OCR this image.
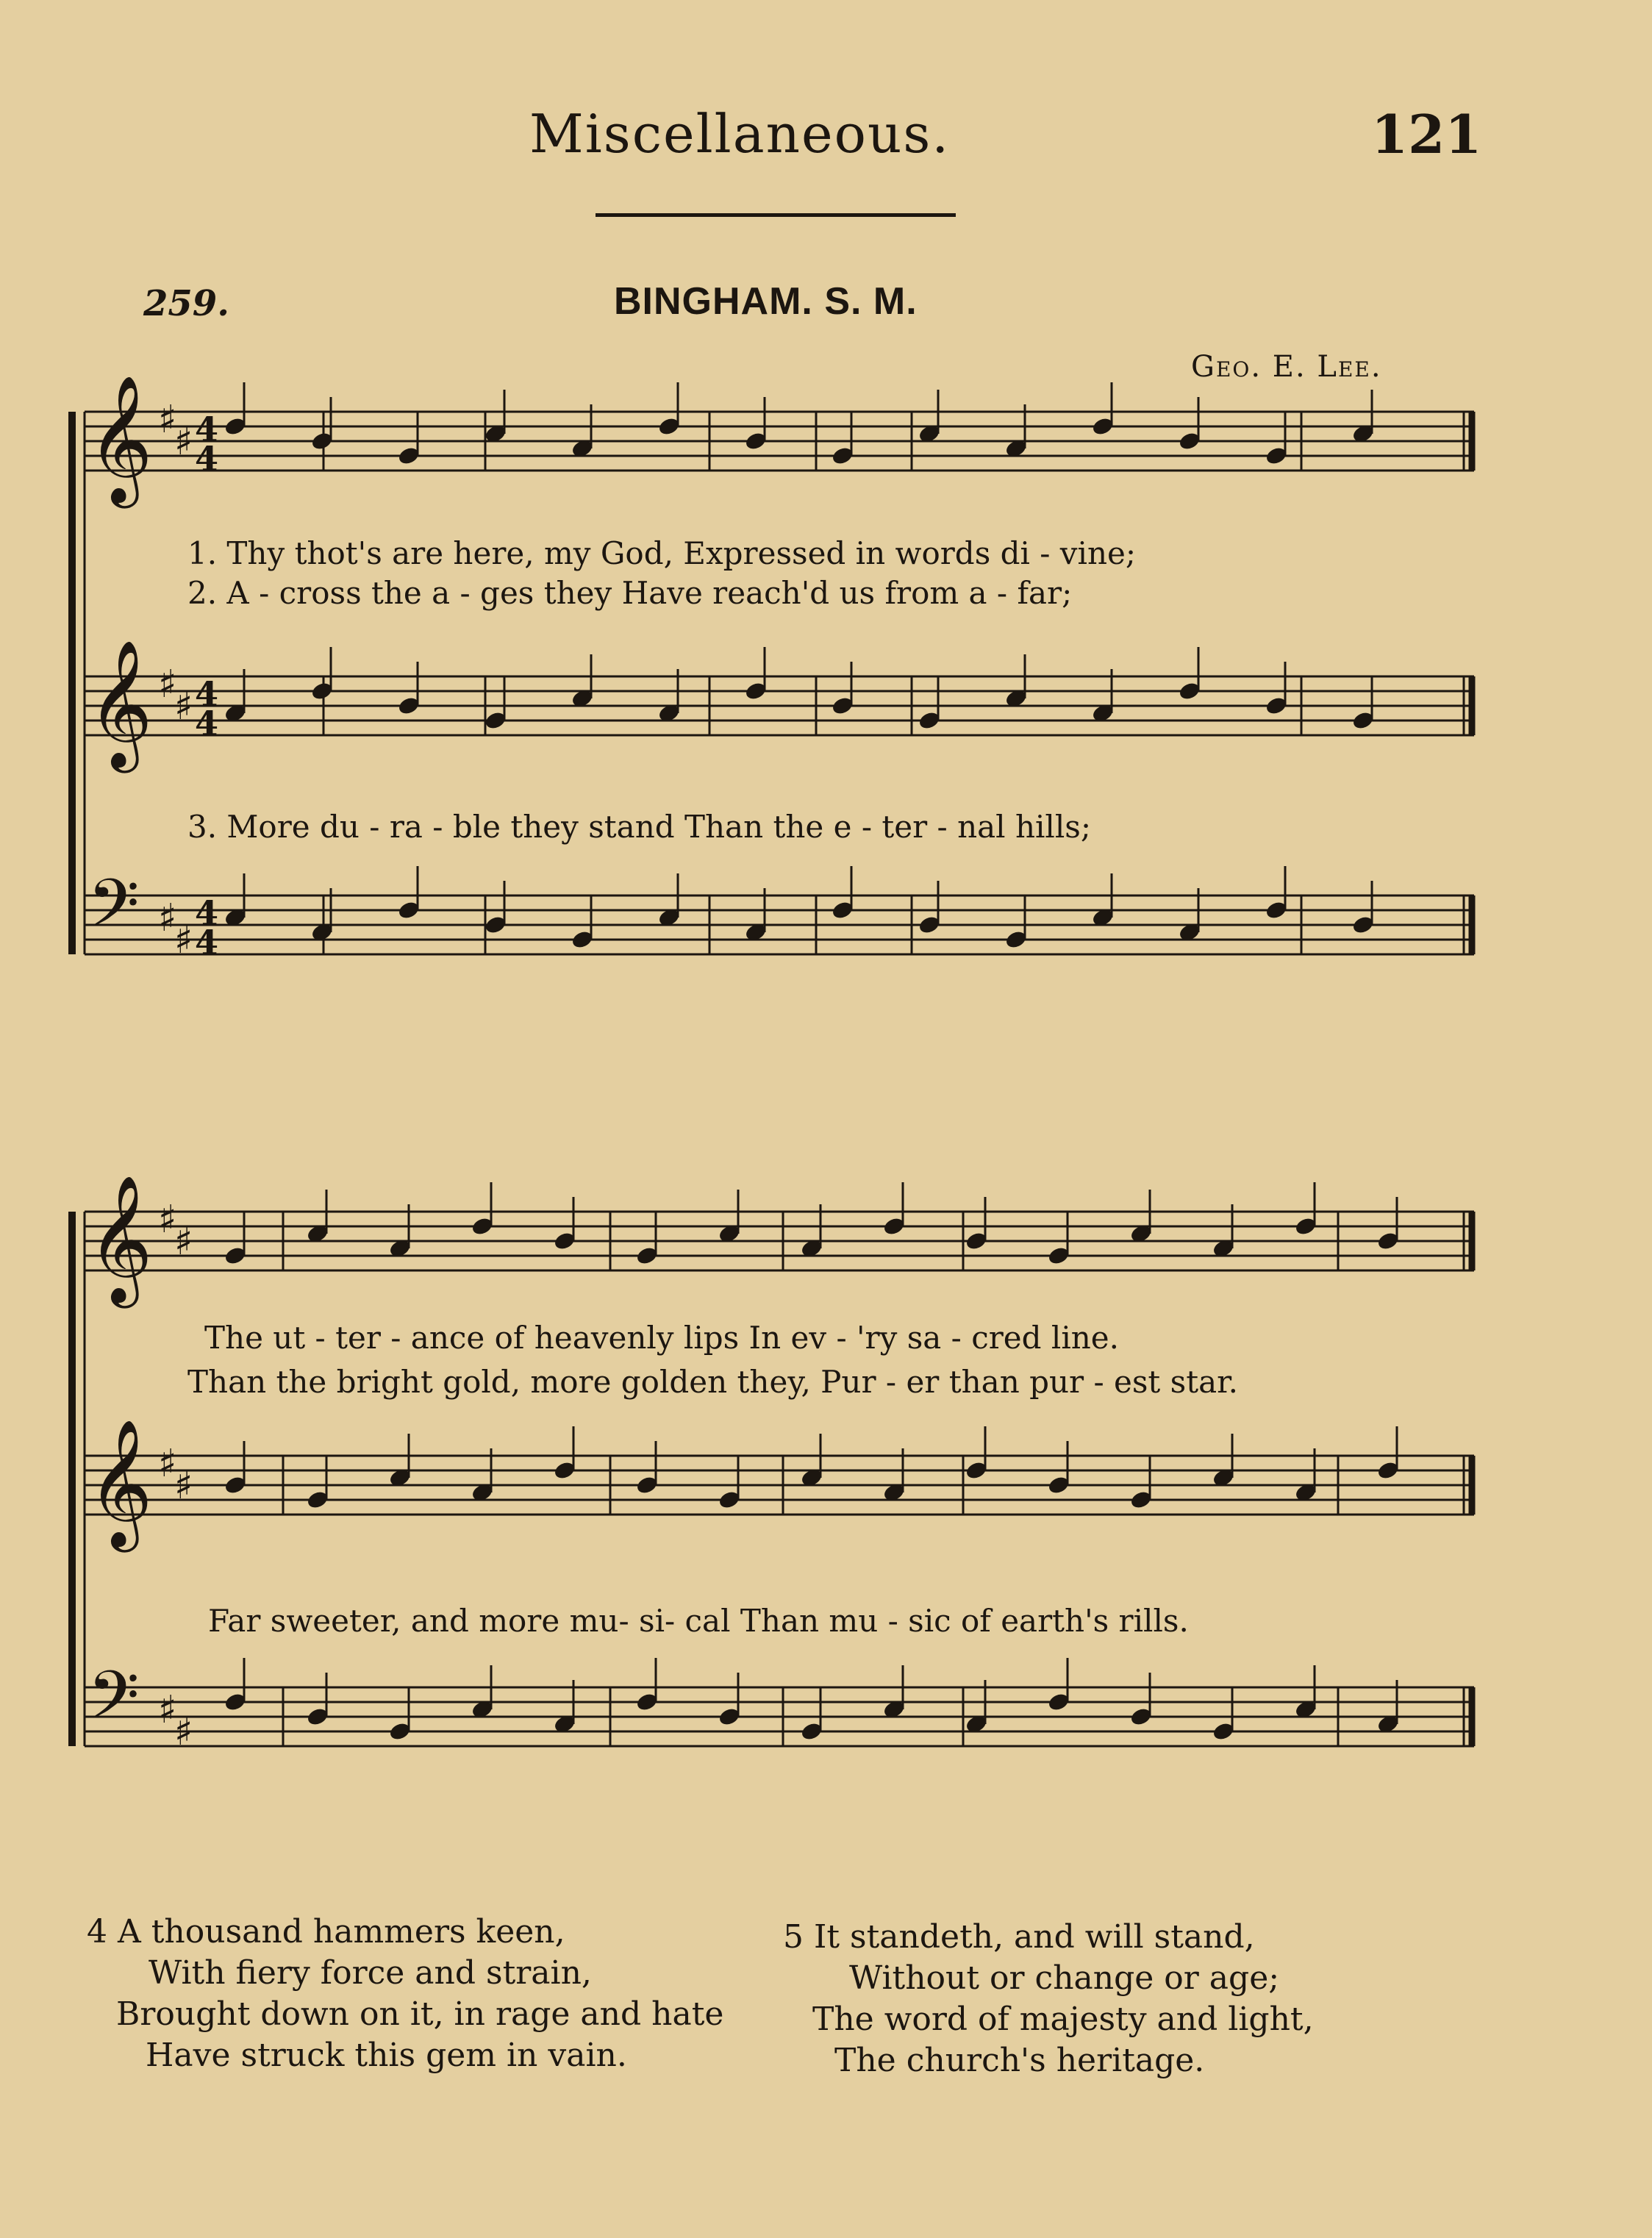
Miscellaneous.	121
259.	BINGHAM. S. M.
Geo. E. Lee.
𝄞 ♯
♯ 4
4
𝄞 ♯
♯ 4
4
𝄢 ♯
♯
4
4
𝄞 ♯
♯
𝄞 ♯
♯
𝄢 ♯
♯
1. Thy thot's are here, my God, Expressed in words di - vine;
2. A - cross the a - ges they Have reach'd us from a - far;
3. More du - ra - ble they stand Than the e - ter - nal hills;
The ut - ter - ance of heavenly lips In ev - 'ry sa - cred line.
Than the bright gold, more golden they, Pur - er than pur - est star.
Far sweeter, and more mu- si- cal Than mu - sic of earth's rills.
4 A thousand hammers keen,
With fiery force and strain,
Brought down on it, in rage and hate
Have struck this gem in vain.
5 It standeth, and will stand,
Without or change or age;
The word of majesty and light,
The church's heritage.
